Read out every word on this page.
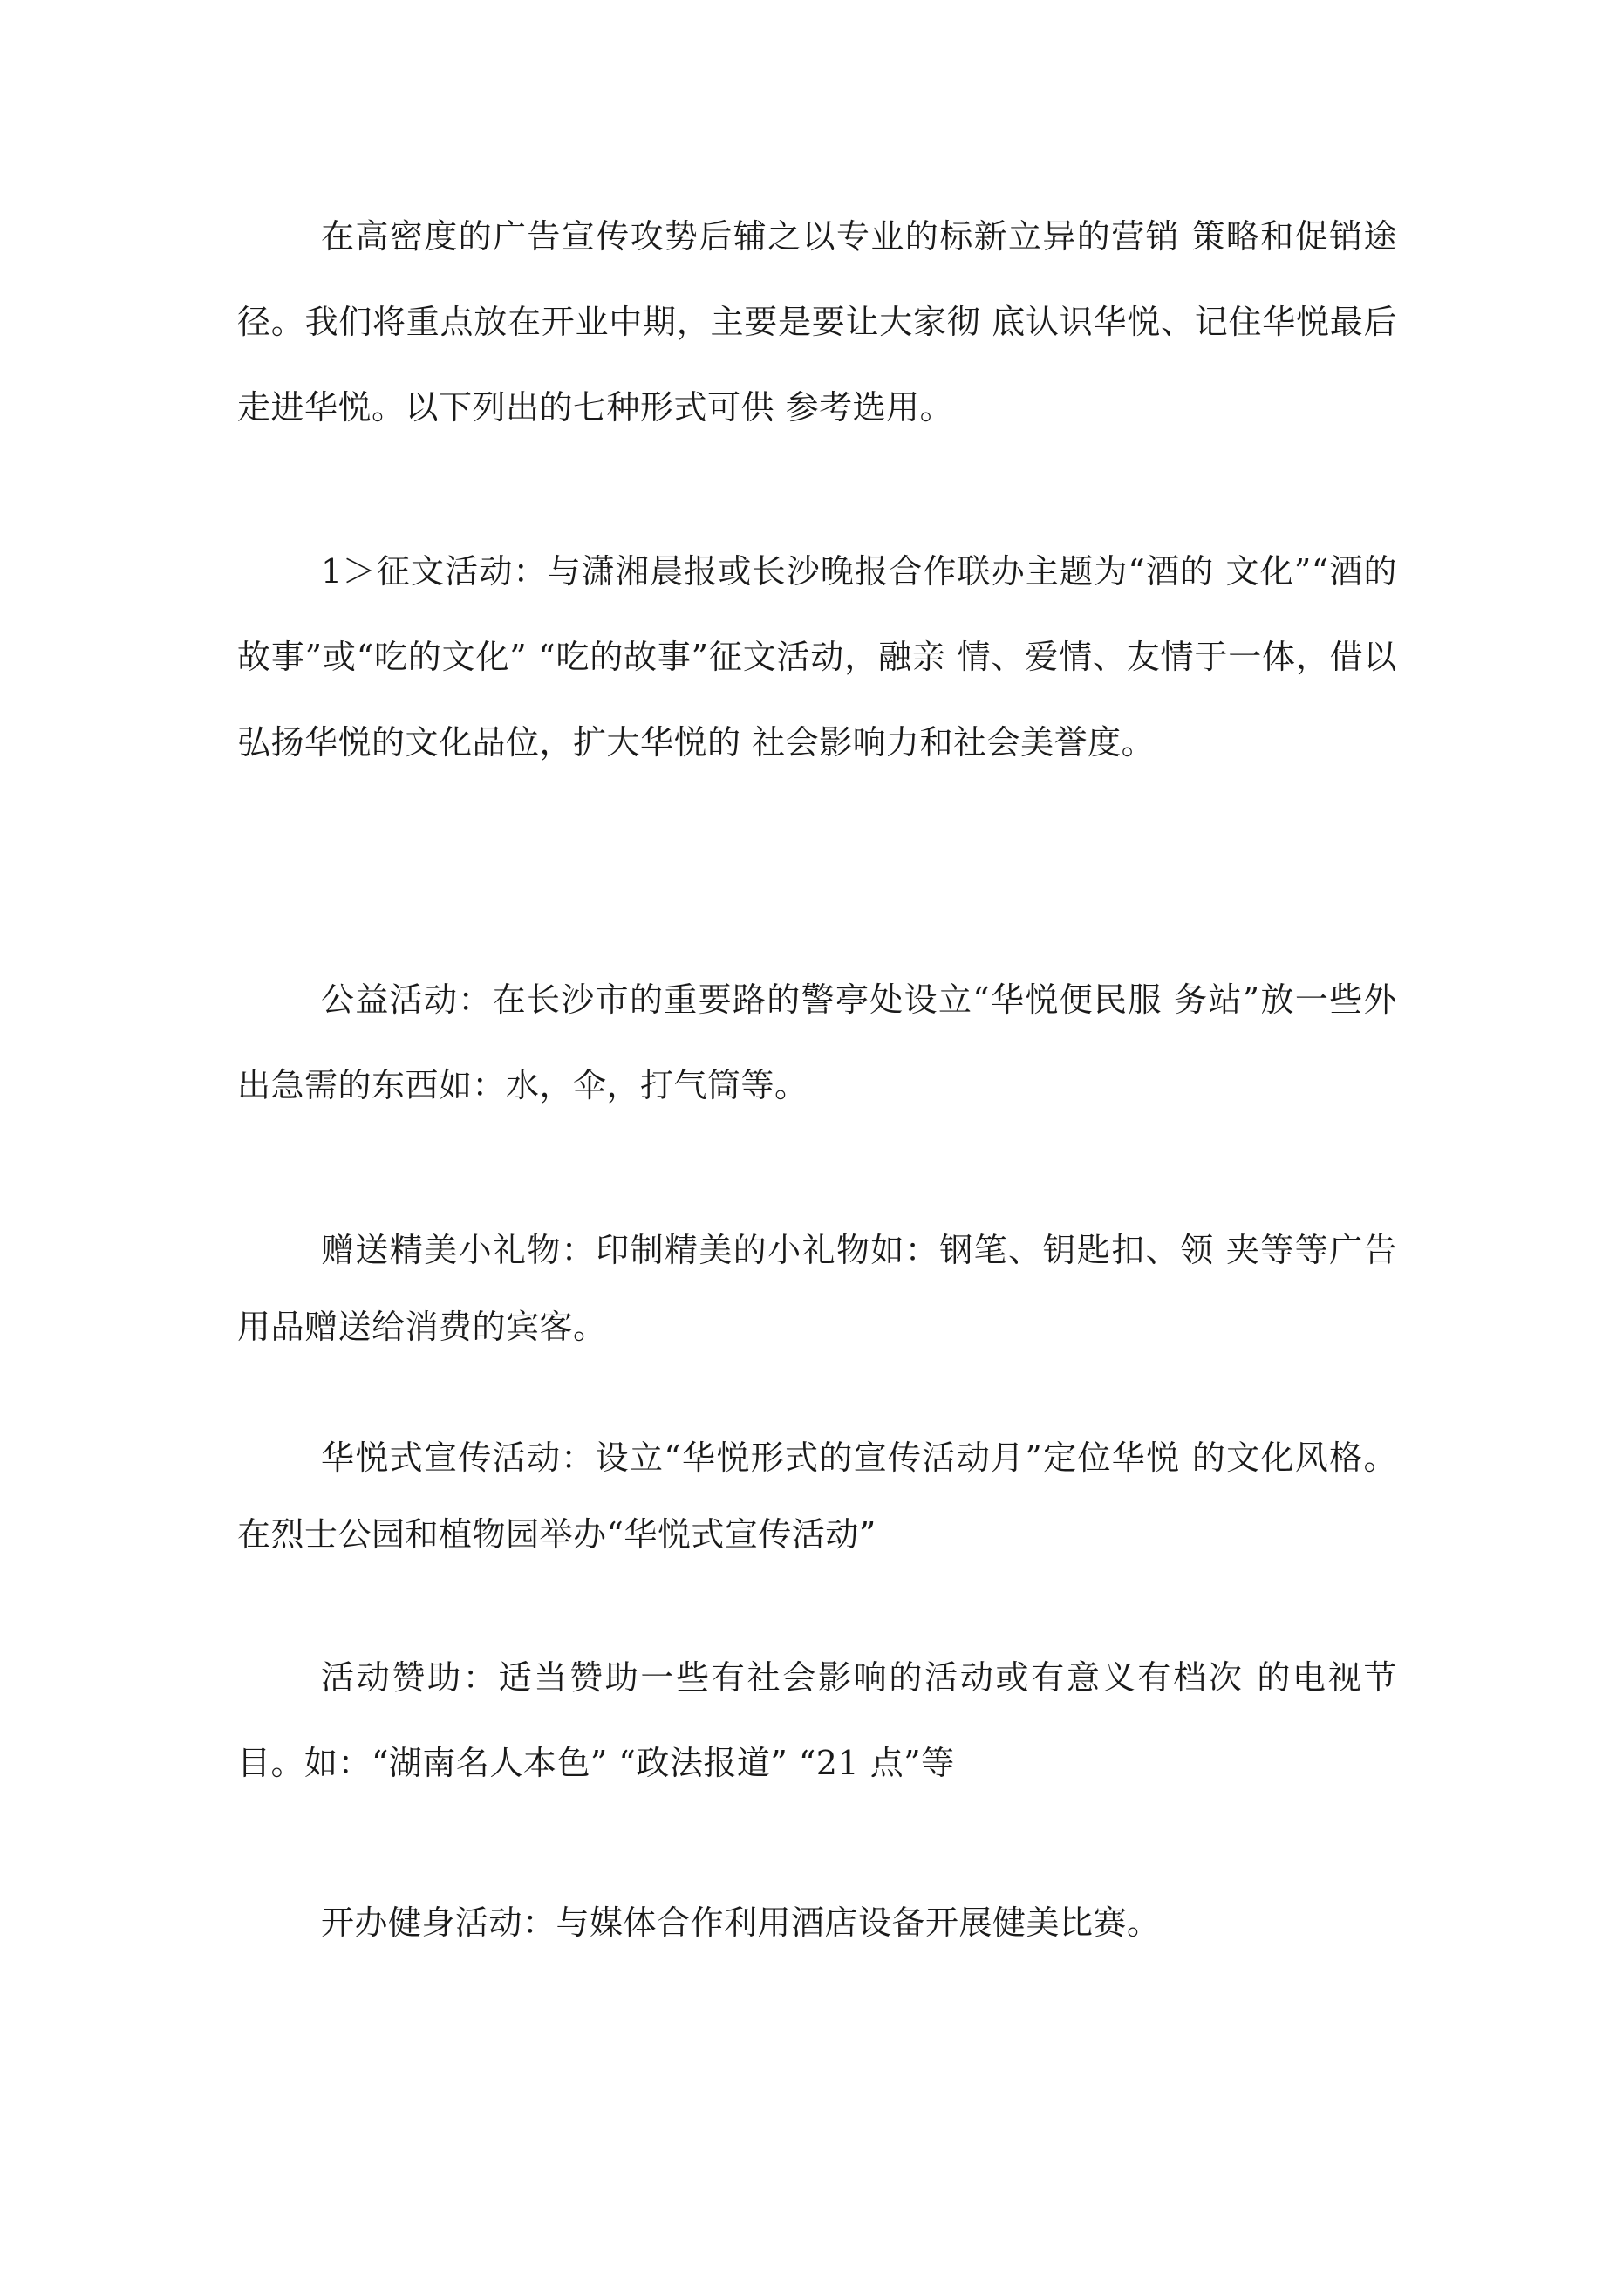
在高密度的广告宣传攻势后辅之以专业的标新立异的营销 策略和促销途径。我们将重点放在开业中期，主要是要让大家彻 底认识华悦、记住华悦最后走进华悦。以下列出的七种形式可供 参考选用。

1＞征文活动：与潇湘晨报或长沙晚报合作联办主题为“酒的 文化”“酒的故事”或“吃的文化” “吃的故事”征文活动，融亲 情、爱情、友情于一体，借以弘扬华悦的文化品位，扩大华悦的 社会影响力和社会美誉度。

公益活动：在长沙市的重要路的警亭处设立“华悦便民服 务站”放一些外出急需的东西如：水，伞，打气筒等。

赠送精美小礼物：印制精美的小礼物如：钢笔、钥匙扣、领 夹等等广告用品赠送给消费的宾客。

华悦式宣传活动：设立“华悦形式的宣传活动月”定位华悦 的文化风格。在烈士公园和植物园举办“华悦式宣传活动”

活动赞助：适当赞助一些有社会影响的活动或有意义有档次 的电视节目。如：“湖南名人本色” “政法报道” “21 点”等

开办健身活动：与媒体合作利用酒店设备开展健美比赛。
